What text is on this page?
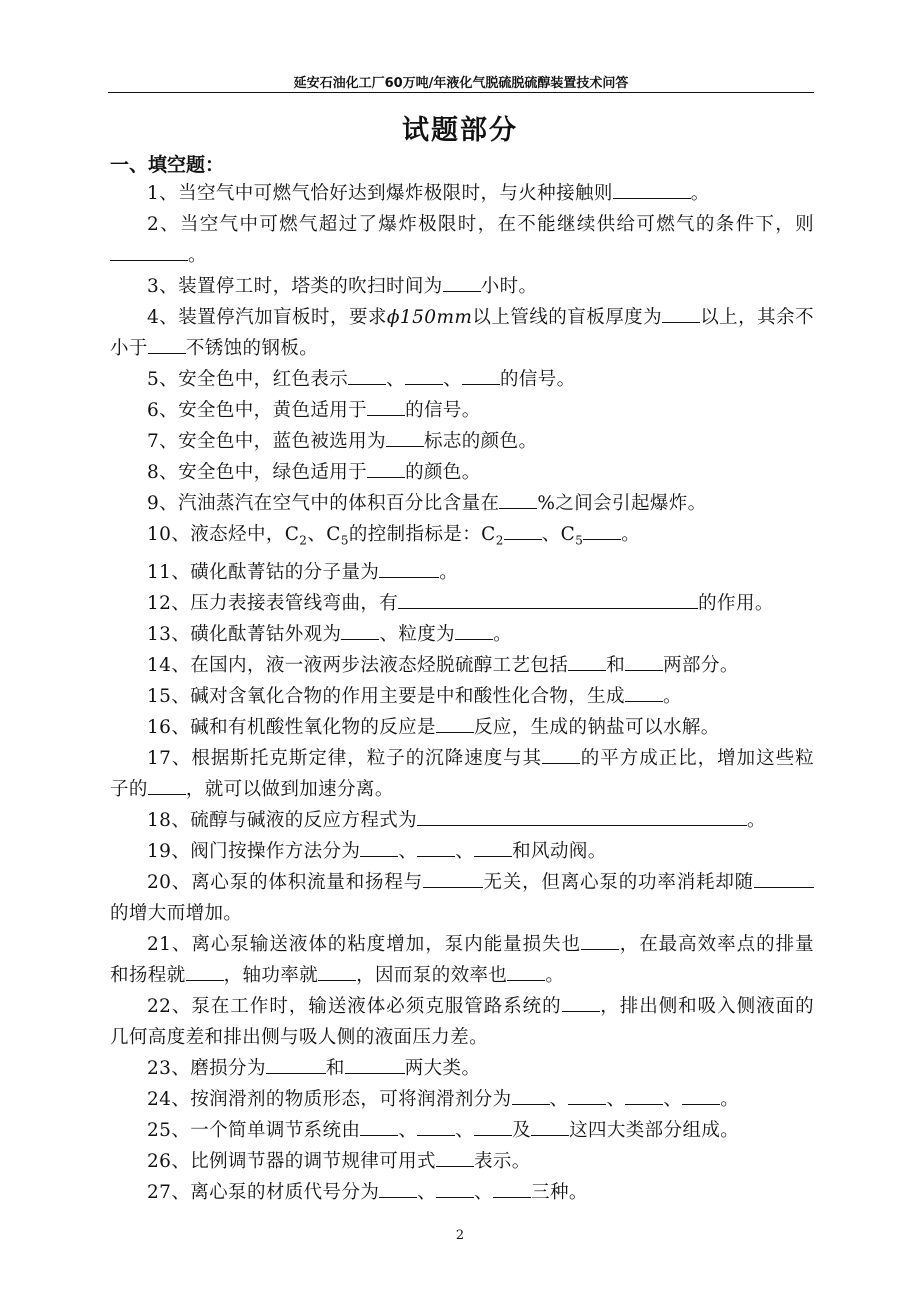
延安石油化工厂60万吨/年液化气脱硫脱硫醇装置技术问答
试题部分
一、填空题：
1、当空气中可燃气恰好达到爆炸极限时，与火种接触则	。
2、当空气中可燃气超过了爆炸极限时，在不能继续供给可燃气的条件下，则。
3、装置停工时，塔类的吹扫时间为 小时。
4、装置停汽加盲板时，要求ϕ150mm以上管线的盲板厚度为 以上，其余不小于 不锈蚀的钢板。
5、安全色中，红色表示 、 、 的信号。
6、安全色中，黄色适用于 的信号。
7、安全色中，蓝色被选用为 标志的颜色。
8、安全色中，绿色适用于 的颜色。
9、汽油蒸汽在空气中的体积百分比含量在 %之间会引起爆炸。
10、液态烃中，$C_2$、$C_5$的控制指标是：$C_2$ 、$C_5$ 。
11、磺化酞菁钴的分子量为	。
12、压力表接表管线弯曲，有	的作用。
13、磺化酞菁钴外观为 、粒度为 。
14、在国内，液一液两步法液态烃脱硫醇工艺包括 和 两部分。
15、碱对含氧化合物的作用主要是中和酸性化合物，生成 。
16、碱和有机酸性氧化物的反应是 反应，生成的钠盐可以水解。
17、根据斯托克斯定律，粒子的沉降速度与其 的平方成正比，增加这些粒子的 ，就可以做到加速分离。
18、硫醇与碱液的反应方程式为	。
19、阀门按操作方法分为 、 、 和风动阀。
20、离心泵的体积流量和扬程与	无关，但离心泵的功率消耗却随的增大而增加。
21、离心泵输送液体的粘度增加，泵内能量损失也 ，在最高效率点的排量和扬程就 ，轴功率就 ，因而泵的效率也 。
22、泵在工作时，输送液体必须克服管路系统的 ，排出侧和吸入侧液面的几何高度差和排出侧与吸人侧的液面压力差。
23、磨损分为	和	两大类。
24、按润滑剂的物质形态，可将润滑剂分为 、 、 、 。
25、一个简单调节系统由 、 、 及 这四大类部分组成。
26、比例调节器的调节规律可用式 表示。
27、离心泵的材质代号分为 、 、 三种。
2
